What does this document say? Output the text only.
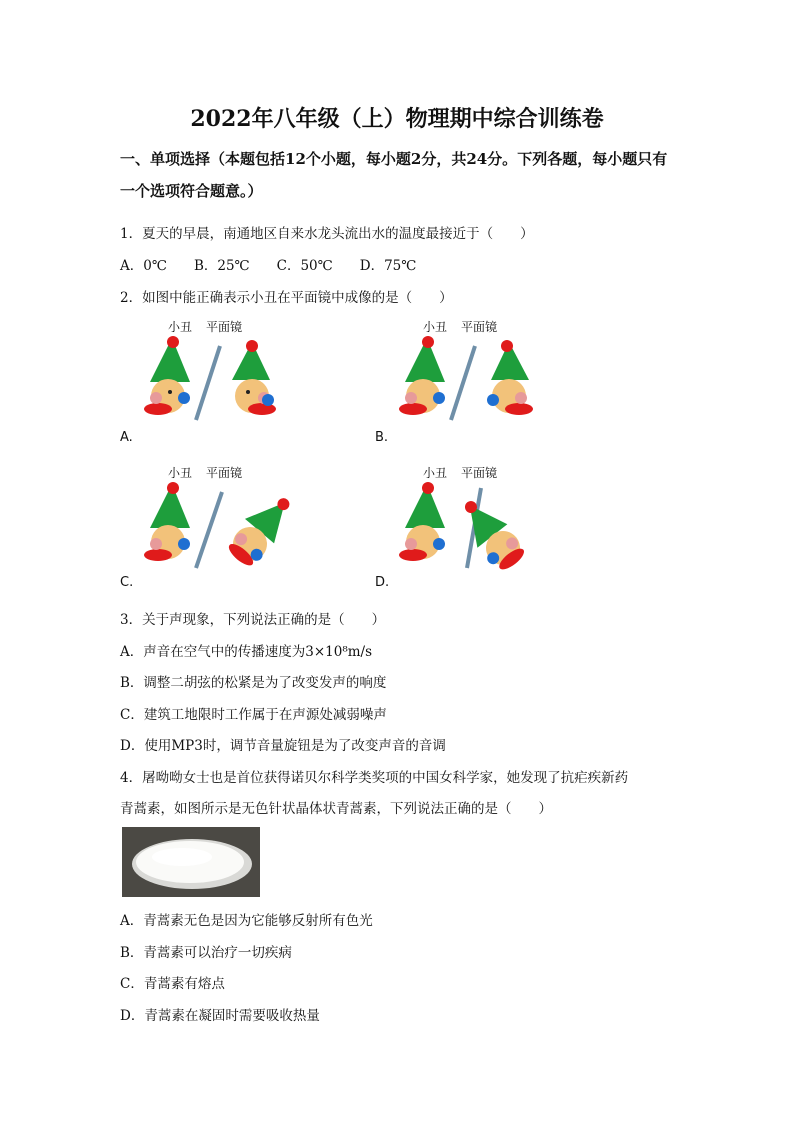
2022年八年级（上）物理期中综合训练卷
一、单项选择（本题包括12个小题，每小题2分，共24分。下列各题，每小题只有一个选项符合题意。）
1．夏天的早晨，南通地区自来水龙头流出水的温度最接近于（　　）
A．0℃　　B．25℃　　C．50℃　　D．75℃
2．如图中能正确表示小丑在平面镜中成像的是（　　）
小丑 平面镜
A.
小丑 平面镜
B.
小丑 平面镜
C.
小丑 平面镜
D.
3．关于声现象，下列说法正确的是（　　）
A．声音在空气中的传播速度为3×10⁸m/s
B．调整二胡弦的松紧是为了改变发声的响度
C．建筑工地限时工作属于在声源处减弱噪声
D．使用MP3时，调节音量旋钮是为了改变声音的音调
4．屠呦呦女士也是首位获得诺贝尔科学类奖项的中国女科学家，她发现了抗疟疾新药
青蒿素，如图所示是无色针状晶体状青蒿素，下列说法正确的是（　　）
A．青蒿素无色是因为它能够反射所有色光
B．青蒿素可以治疗一切疾病
C．青蒿素有熔点
D．青蒿素在凝固时需要吸收热量
